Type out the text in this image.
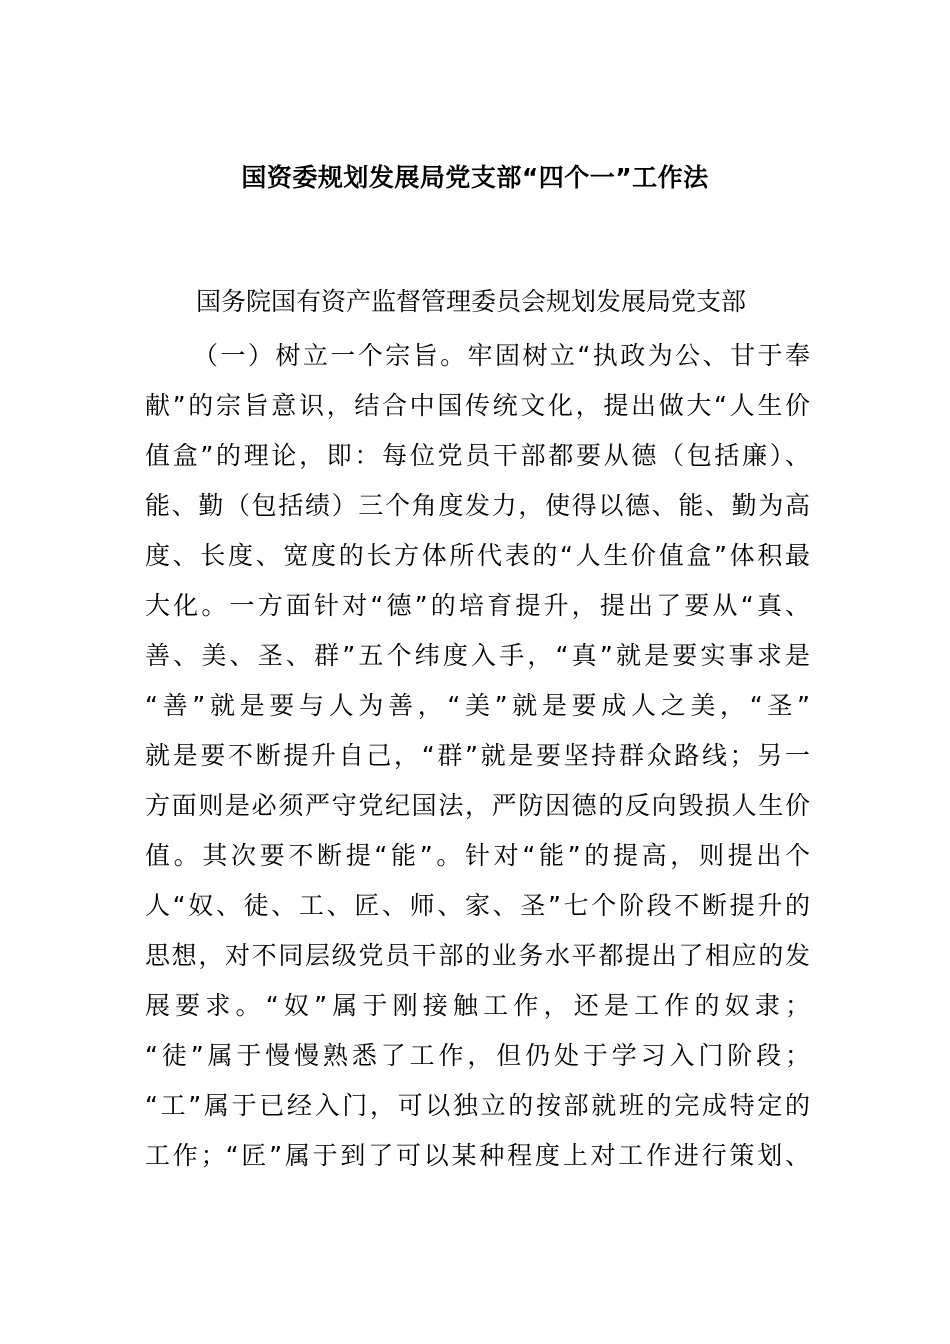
国资委规划发展局党支部“四个一”工作法

国务院国有资产监督管理委员会规划发展局党支部

（一）树立一个宗旨。牢固树立“执政为公、甘于奉
献”的宗旨意识，结合中国传统文化，提出做大“人生价
值盒”的理论，即：每位党员干部都要从德（包括廉）、
能、勤（包括绩）三个角度发力，使得以德、能、勤为高
度、长度、宽度的长方体所代表的“人生价值盒”体积最
大化。一方面针对“德”的培育提升，提出了要从“真、
善、美、圣、群”五个纬度入手，“真”就是要实事求是
“善”就是要与人为善，“美”就是要成人之美，“圣”
就是要不断提升自己，“群”就是要坚持群众路线；另一
方面则是必须严守党纪国法，严防因德的反向毁损人生价
值。其次要不断提“能”。针对“能”的提高，则提出个
人“奴、徒、工、匠、师、家、圣”七个阶段不断提升的
思想，对不同层级党员干部的业务水平都提出了相应的发
展要求。“奴”属于刚接触工作，还是工作的奴隶；
“徒”属于慢慢熟悉了工作，但仍处于学习入门阶段；
“工”属于已经入门，可以独立的按部就班的完成特定的
工作；“匠”属于到了可以某种程度上对工作进行策划、
